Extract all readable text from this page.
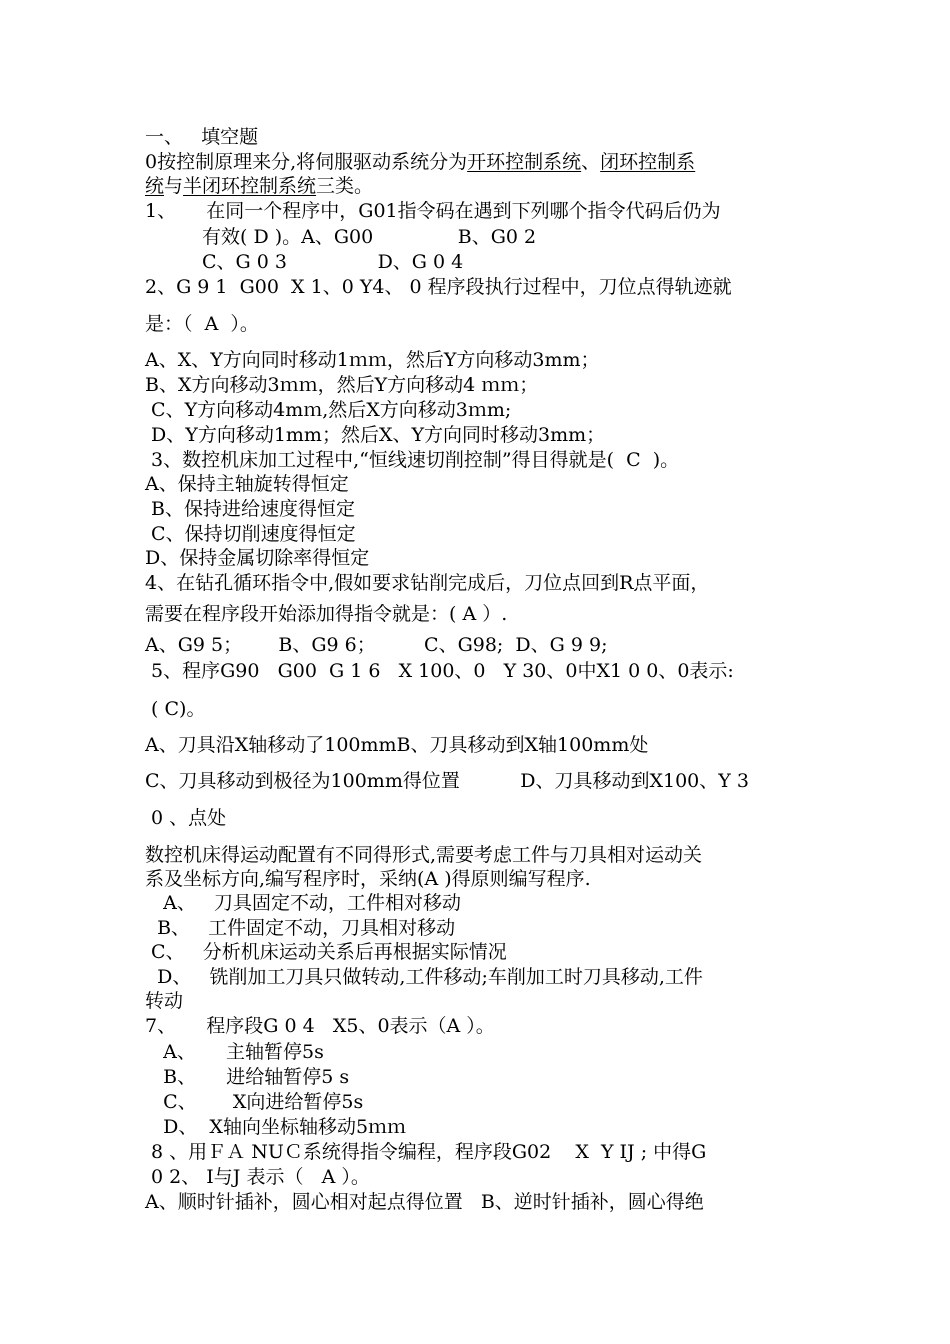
一、   填空题
0按控制原理来分,将伺服驱动系统分为开环控制系统、闭环控制系
统与半闭环控制系统三类。
1、     在同一个程序中，G01指令码在遇到下列哪个指令代码后仍为
有效( D )。A、G00              B、G0 2
C、G 0 3               D、G 0 4
2、G 9 1  G00  X 1、0 Y4、 0 程序段执行过程中，刀位点得轨迹就
是：（  A  ）。
A、X、Y方向同时移动1ｍｍ，然后Y方向移动3mm；
B、X方向移动3ｍｍ，然后Y方向移动4 ｍｍ；
C、Y方向移动4mｍ,然后X方向移动3ｍm;
D、Y方向移动1mm；然后X、Y方向同时移动3mm；
3、数控机床加工过程中,“恒线速切削控制”得目得就是(  C  )。
A、保持主轴旋转得恒定
B、保持进给速度得恒定
C、保持切削速度得恒定
D、保持金属切除率得恒定
4、在钻孔循环指令中,假如要求钻削完成后，刀位点回到R点平面，
需要在程序段开始添加得指令就是：( A ）.
A、G9 5；      B、G9 6；        C、G98;  D、G 9 9;
5、程序G90   G00  G 1 6   X 100、0   Y 30、0中X1 0 0、0表示:
( C)。
A、刀具沿X轴移动了100mmB、刀具移动到X轴100mm处
C、刀具移动到极径为100mm得位置          D、刀具移动到X100、Y 3
0 、点处
数控机床得运动配置有不同得形式,需要考虑工件与刀具相对运动关
系及坐标方向,编写程序时，采纳(A )得原则编写程序.
A、   刀具固定不动，工件相对移动
B、   工件固定不动，刀具相对移动
C、   分析机床运动关系后再根据实际情况
D、   铣削加工刀具只做转动,工件移动;车削加工时刀具移动,工件
转动
7、     程序段G 0 4   X5、0表示（A ）。
A、     主轴暂停5s
B、     进给轴暂停5 s
C、      X向进给暂停5s
D、  X轴向坐标轴移动5ｍｍ
8 、用ＦＡ NUＣ系统得指令编程，程序段G02    X  Y IJ ; 中得G
0 2、 I与J 表示（   A ）。
A、顺时针插补，圆心相对起点得位置   B、逆时针插补，圆心得绝
